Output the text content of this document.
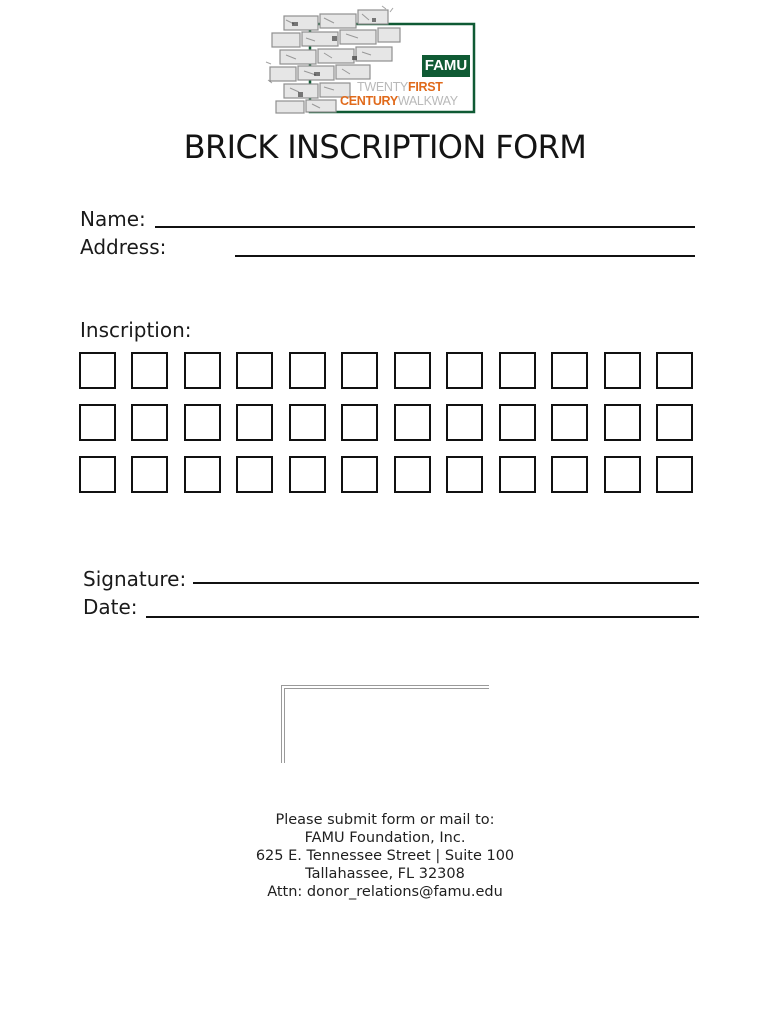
FAMU
TWENTYFIRST
CENTURYWALKWAY
BRICK INSCRIPTION FORM
Name:
Address:
Inscription:
Signature:
Date:
Please submit form or mail to:
FAMU Foundation, Inc.
625 E. Tennessee Street | Suite 100
Tallahassee, FL 32308
Attn: donor_relations@famu.edu
